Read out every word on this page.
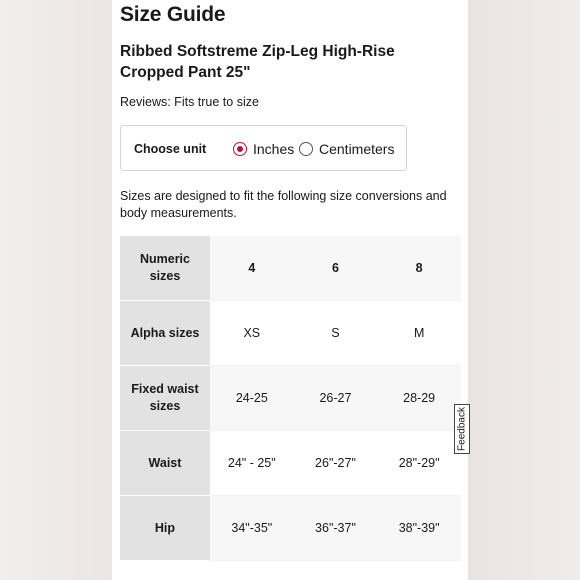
Size Guide
Ribbed Softstreme Zip-Leg High-Rise Cropped Pant 25"
Reviews: Fits true to size
Choose unit	Inches Centimeters
Sizes are designed to fit the following size conversions and body measurements.
Numeric sizes	4	6	8
Alpha sizes	XS	S	M
Fixed waist sizes	24-25	26-27	28-29
Waist	24" - 25"	26"-27"	28"-29"
Hip	34"-35"	36"-37"	38"-39"
Feedback
